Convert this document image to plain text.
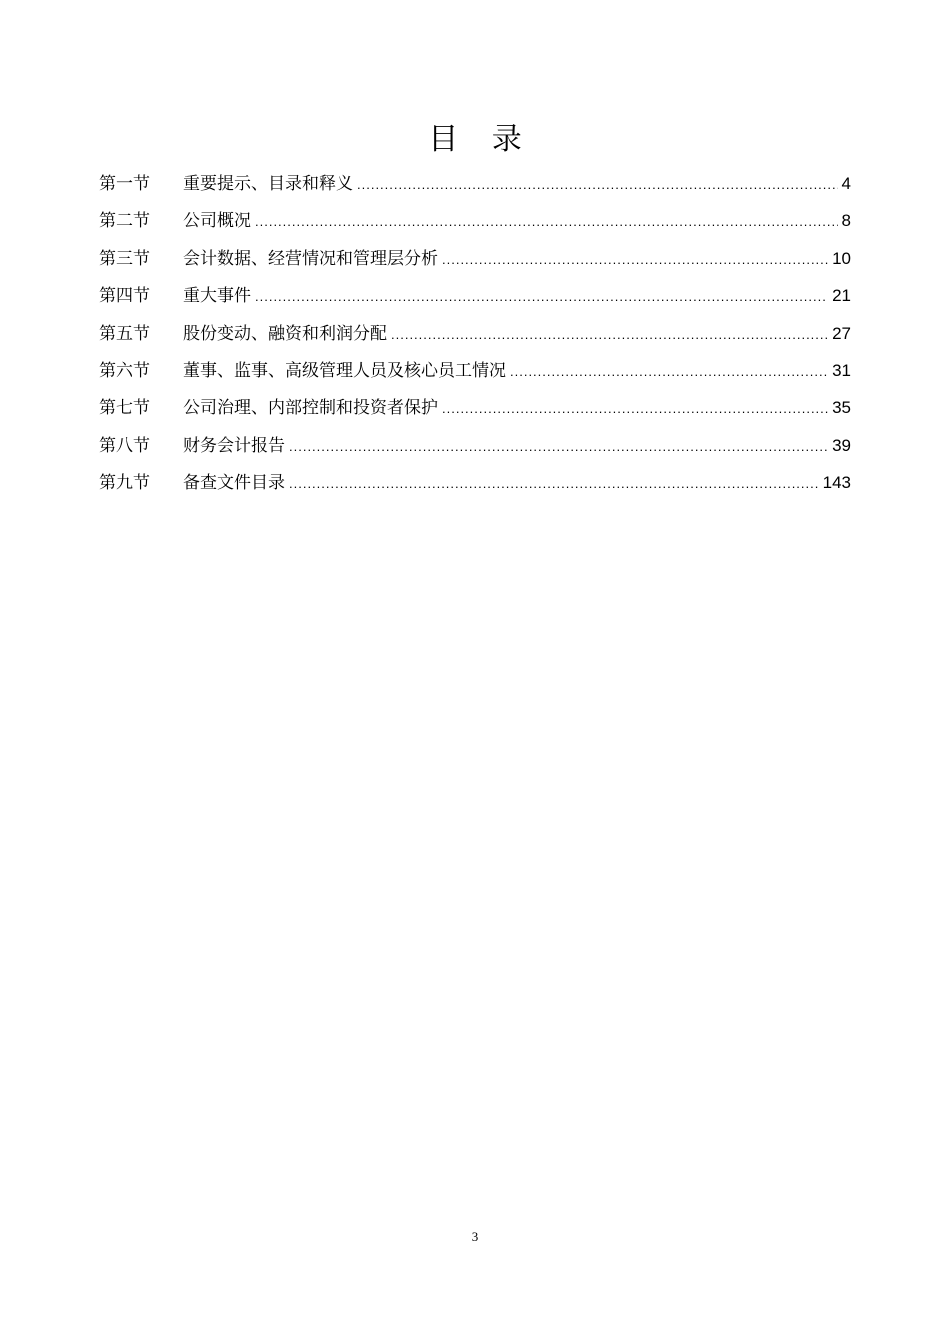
目 录
第一节	重要提示、目录和释义 .....	4
第二节	公司概况 .....	8
第三节	会计数据、经营情况和管理层分析 .....	10
第四节	重大事件 .....	21
第五节	股份变动、融资和利润分配 .....	27
第六节	董事、监事、高级管理人员及核心员工情况 .....	31
第七节	公司治理、内部控制和投资者保护 .....	35
第八节	财务会计报告 .....	39
第九节	备查文件目录 .....	143
3
